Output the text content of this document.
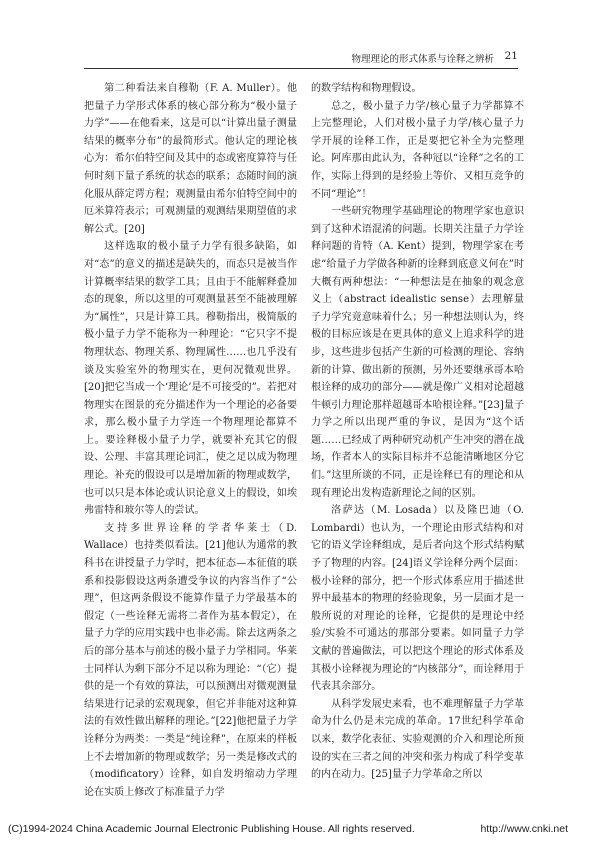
物理理论的形式体系与诠释之辨析 21

第二种看法来自穆勒（F. A. Muller）。他把量子力学形式体系的核心部分称为“极小量子力学”——在他看来，这是可以“计算出量子测量结果的概率分布”的最简形式。他认定的理论核心为：希尔伯特空间及其中的态或密度算符与任何时刻下量子系统的状态的联系；态随时间的演化服从薛定谔方程；观测量由希尔伯特空间中的厄米算符表示；可观测量的观测结果期望值的求解公式。[20]

这样选取的极小量子力学有很多缺陷，如对“态”的意义的描述是缺失的，而态只是被当作计算概率结果的数学工具；且由于不能解释叠加态的现象，所以这里的可观测量甚至不能被理解为“属性”，只是计算工具。穆勒指出，极简版的极小量子力学不能称为一种理论：“它只字不提物理状态、物理关系、物理属性……也几乎没有谈及实验室外的物理实在，更何况微观世界。[20]把它当成一个‘理论’是不可接受的”。若把对物理实在图景的充分描述作为一个理论的必备要求，那么极小量子力学连一个物理理论都算不上。要诠释极小量子力学，就要补充其它的假设、公理、丰富其理论词汇，使之足以成为物理理论。补充的假设可以是增加新的物理或数学，也可以只是本体论或认识论意义上的假设，如埃弗雷特和玻尔等人的尝试。

支持多世界诠释的学者华莱士（D. Wallace）也持类似看法。[21]他认为通常的教科书在讲授量子力学时，把本征态—本征值的联系和投影假设这两条遭受争议的内容当作了“公理”，但这两条假设不能算作量子力学最基本的假定（一些诠释无需将二者作为基本假定），在量子力学的应用实践中也非必需。除去这两条之后的部分基本与前述的极小量子力学相同。华莱士同样认为剩下部分不足以称为理论：“（它）提供的是一个有效的算法，可以预测出对微观测量结果进行记录的宏观现象，但它并非能对这种算法的有效性做出解释的理论。”[22]他把量子力学诠释分为两类：一类是“纯诠释”，在原来的样板上不去增加新的物理或数学；另一类是修改式的（modificatory）诠释，如自发坍缩动力学理论在实质上修改了标准量子力学

的数学结构和物理假设。

总之，极小量子力学/核心量子力学都算不上完整理论，人们对极小量子力学/核心量子力学开展的诠释工作，正是要把它补全为完整理论。阿库那由此认为，各种冠以“诠释”之名的工作，实际上得到的是经验上等价、又相互竞争的不同“理论”！

一些研究物理学基础理论的物理学家也意识到了这种术语混淆的问题。长期关注量子力学诠释问题的肯特（A. Kent）提到，物理学家在考虑“给量子力学做各种新的诠释到底意义何在”时大概有两种想法：“一种想法是在抽象的观念意义上（abstract idealistic sense）去理解量子力学究竟意味着什么；另一种想法则认为，终极的目标应该是在更具体的意义上追求科学的进步，这些进步包括产生新的可检测的理论、容纳新的计算、做出新的预测，另外还要继承哥本哈根诠释的成功的部分——就是像广义相对论超越牛顿引力理论那样超越哥本哈根诠释。”[23]量子力学之所以出现严重的争议，是因为“这个话题……已经成了两种研究动机产生冲突的潜在战场，作者本人的实际目标并不总能清晰地区分它们。”这里所谈的不同，正是诠释已有的理论和从现有理论出发构造新理论之间的区别。

洛萨达（M. Losada）以及隆巴迪（O. Lombardi）也认为，一个理论由形式结构和对它的语义学诠释组成，是后者向这个形式结构赋予了物理的内容。[24]语义学诠释分两个层面：极小诠释的部分，把一个形式体系应用于描述世界中最基本的物理的经验现象，另一层面才是一般所说的对理论的诠释，它提供的是理论中经验/实验不可通达的那部分要素。如同量子力学文献的普遍做法，可以把这个理论的形式体系及其极小诠释视为理论的“内核部分”，而诠释用于代表其余部分。

从科学发展史来看，也不难理解量子力学革命为什么仍是未完成的革命。17世纪科学革命以来，数学化表征、实验观测的介入和理论所预设的实在三者之间的冲突和张力构成了科学变革的内在动力。[25]量子力学革命之所以

(C)1994-2024 China Academic Journal Electronic Publishing House. All rights reserved.	http://www.cnki.net
